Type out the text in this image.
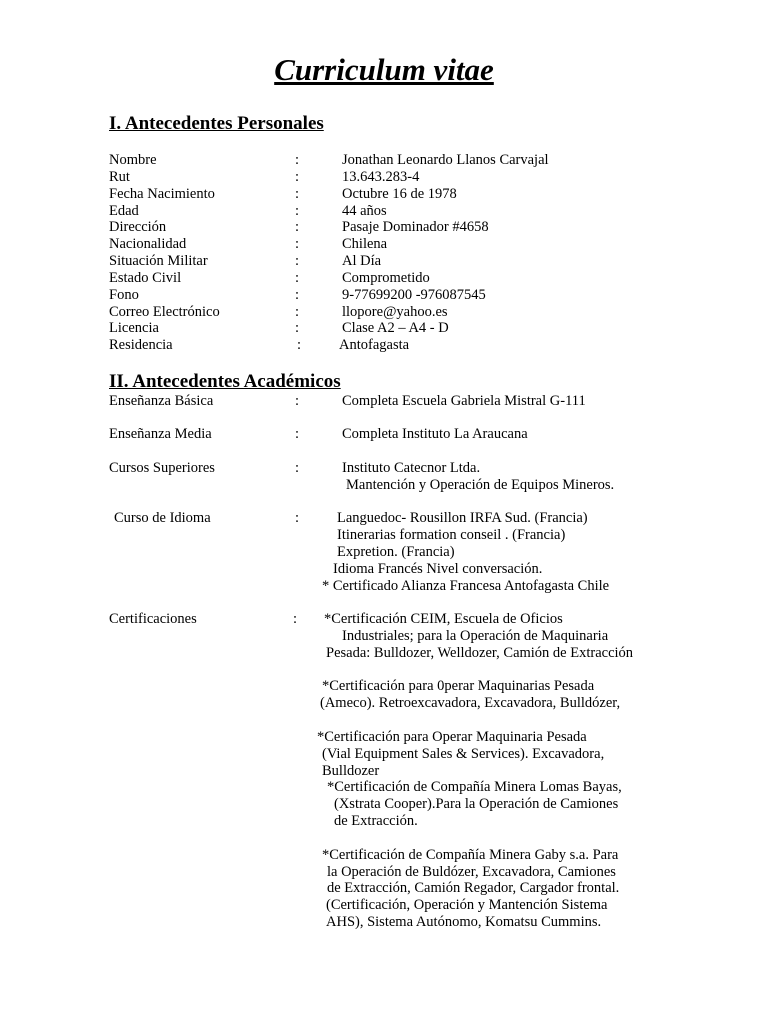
Curriculum vitae
I. Antecedentes Personales
Nombre	:	Jonathan Leonardo Llanos Carvajal
Rut	:	13.643.283-4
Fecha Nacimiento	:	Octubre 16 de 1978
Edad	:	44 años
Dirección	:	Pasaje Dominador #4658
Nacionalidad	:	Chilena
Situación Militar	:	Al Día
Estado Civil	:	Comprometido
Fono	:	9-77699200 -976087545
Correo Electrónico	:	llopore@yahoo.es
Licencia	:	Clase A2 – A4 - D
Residencia	:	Antofagasta
II. Antecedentes Académicos
Enseñanza Básica	:	Completa Escuela Gabriela Mistral G-111
Enseñanza Media	:	Completa Instituto La Araucana
Cursos Superiores	:	Instituto Catecnor Ltda.
Mantención y Operación de Equipos Mineros.
Curso de Idioma	:	Languedoc- Rousillon IRFA Sud. (Francia)
Itinerarias formation conseil . (Francia)
Expretion. (Francia)
Idioma Francés Nivel conversación.
* Certificado Alianza Francesa Antofagasta Chile
Certificaciones	: *Certificación CEIM, Escuela de Oficios
Industriales; para la Operación de Maquinaria
Pesada: Bulldozer, Welldozer, Camión de Extracción
*Certificación para 0perar Maquinarias Pesada
(Ameco). Retroexcavadora, Excavadora, Bulldózer,
*Certificación para Operar Maquinaria Pesada
(Vial Equipment Sales & Services). Excavadora,
Bulldozer
*Certificación de Compañía Minera Lomas Bayas,
(Xstrata Cooper).Para la Operación de Camiones
de Extracción.
*Certificación de Compañía Minera Gaby s.a. Para
la Operación de Buldózer, Excavadora, Camiones
de Extracción, Camión Regador, Cargador frontal.
(Certificación, Operación y Mantención Sistema
AHS), Sistema Autónomo, Komatsu Cummins.
